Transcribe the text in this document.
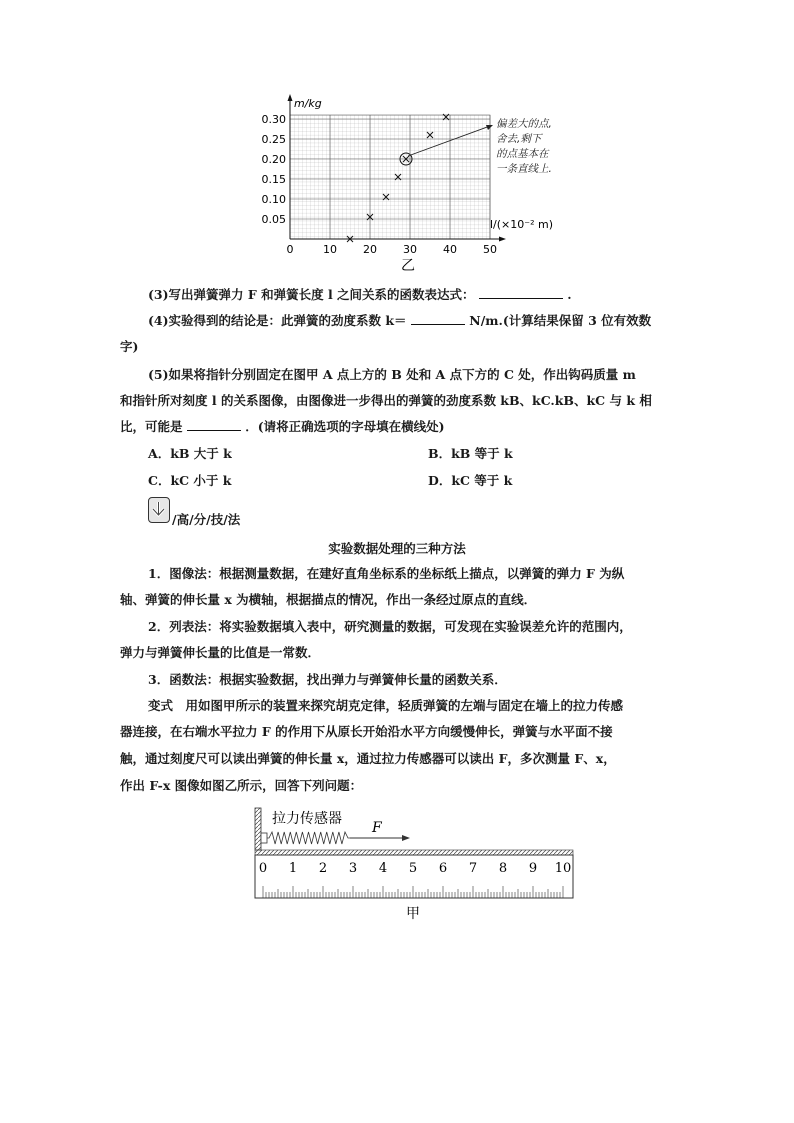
m/kg
l/(×10⁻² m)
0.30
0.25
0.20
0.15
0.10
0.05
0	10 20 30 40 50
偏差大的点,
舍去,剩下
的点基本在
一条直线上.
乙
(3)写出弹簧弹力 F 和弹簧长度 l 之间关系的函数表达式：	.
(4)实验得到的结论是：此弹簧的劲度系数 k＝	N/m.(计算结果保留 3 位有效数
字)
(5)如果将指针分别固定在图甲 A 点上方的 B 处和 A 点下方的 C 处，作出钩码质量 m
和指针所对刻度 l 的关系图像，由图像进一步得出的弹簧的劲度系数 kB、kC.kB、kC 与 k 相
比，可能是	．(请将正确选项的字母填在横线处)
A．kB 大于 k	B．kB 等于 k
C．kC 小于 k	D．kC 等于 k
/高/分/技/法
实验数据处理的三种方法
1．图像法：根据测量数据，在建好直角坐标系的坐标纸上描点，以弹簧的弹力 F 为纵
轴、弹簧的伸长量 x 为横轴，根据描点的情况，作出一条经过原点的直线．
2．列表法：将实验数据填入表中，研究测量的数据，可发现在实验误差允许的范围内，
弹力与弹簧伸长量的比值是一常数．
3．函数法：根据实验数据，找出弹力与弹簧伸长量的函数关系．
变式　用如图甲所示的装置来探究胡克定律，轻质弹簧的左端与固定在墙上的拉力传感
器连接，在右端水平拉力 F 的作用下从原长开始沿水平方向缓慢伸长，弹簧与水平面不接
触，通过刻度尺可以读出弹簧的伸长量 x，通过拉力传感器可以读出 F，多次测量 F、x，
作出 F-x 图像如图乙所示，回答下列问题：
拉力传感器
F
0 1 2 3 4 5 6 7 8 9 10
甲
